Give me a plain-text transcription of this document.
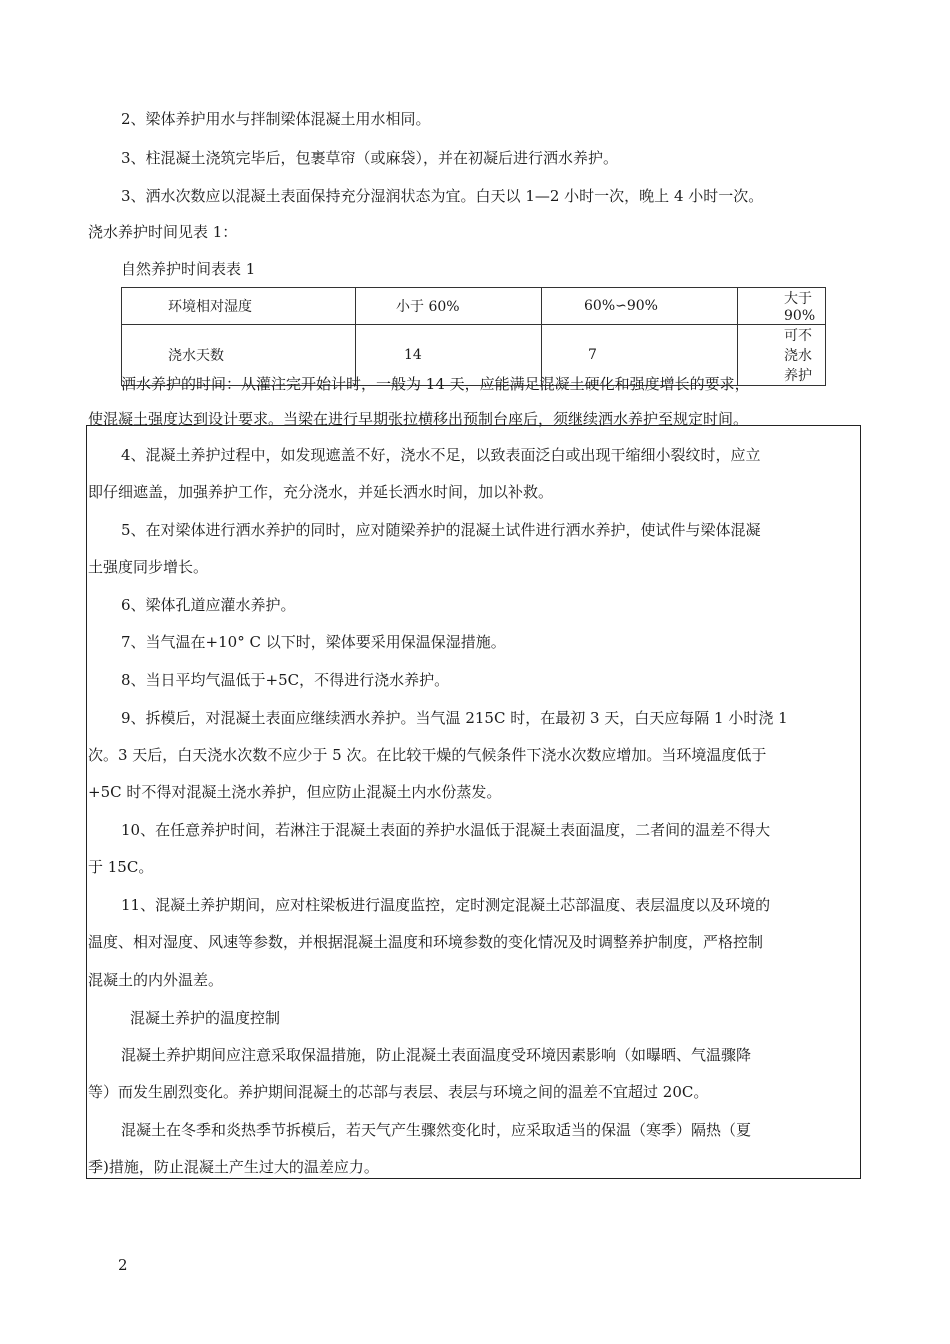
2、梁体养护用水与拌制梁体混凝土用水相同。
3、柱混凝土浇筑完毕后，包裹草帘（或麻袋），并在初凝后进行洒水养护。
3、洒水次数应以混凝土表面保持充分湿润状态为宜。白天以 1—2 小时一次，晚上 4 小时一次。
浇水养护时间见表 1：
自然养护时间表表 1
环境相对湿度	小于 60%	60%∽90%	大于 90%
浇水天数	14	7	可不浇水养护
洒水养护的时间：从灌注完开始计时，一般为 14 天，应能满足混凝土硬化和强度增长的要求，
使混凝土强度达到设计要求。当梁在进行早期张拉横移出预制台座后，须继续洒水养护至规定时间。
4、混凝土养护过程中，如发现遮盖不好，浇水不足，以致表面泛白或出现干缩细小裂纹时，应立
即仔细遮盖，加强养护工作，充分浇水，并延长洒水时间，加以补救。
5、在对梁体进行洒水养护的同时，应对随梁养护的混凝土试件进行洒水养护，使试件与梁体混凝
土强度同步增长。
6、梁体孔道应灌水养护。
7、当气温在+10° C 以下时，梁体要采用保温保湿措施。
8、当日平均气温低于+5C，不得进行浇水养护。
9、拆模后，对混凝土表面应继续洒水养护。当气温 215C 时，在最初 3 天，白天应每隔 1 小时浇 1
次。3 天后，白天浇水次数不应少于 5 次。在比较干燥的气候条件下浇水次数应增加。当环境温度低于
+5C 时不得对混凝土浇水养护，但应防止混凝土内水份蒸发。
10、在任意养护时间，若淋注于混凝土表面的养护水温低于混凝土表面温度，二者间的温差不得大
于 15C。
11、混凝土养护期间，应对柱梁板进行温度监控，定时测定混凝土芯部温度、表层温度以及环境的
温度、相对湿度、风速等参数，并根据混凝土温度和环境参数的变化情况及时调整养护制度，严格控制
混凝土的内外温差。
混凝土养护的温度控制
混凝土养护期间应注意采取保温措施，防止混凝土表面温度受环境因素影响（如曝晒、气温骤降
等）而发生剧烈变化。养护期间混凝土的芯部与表层、表层与环境之间的温差不宜超过 20C。
混凝土在冬季和炎热季节拆模后，若天气产生骤然变化时，应采取适当的保温（寒季）隔热（夏
季)措施，防止混凝土产生过大的温差应力。
2
